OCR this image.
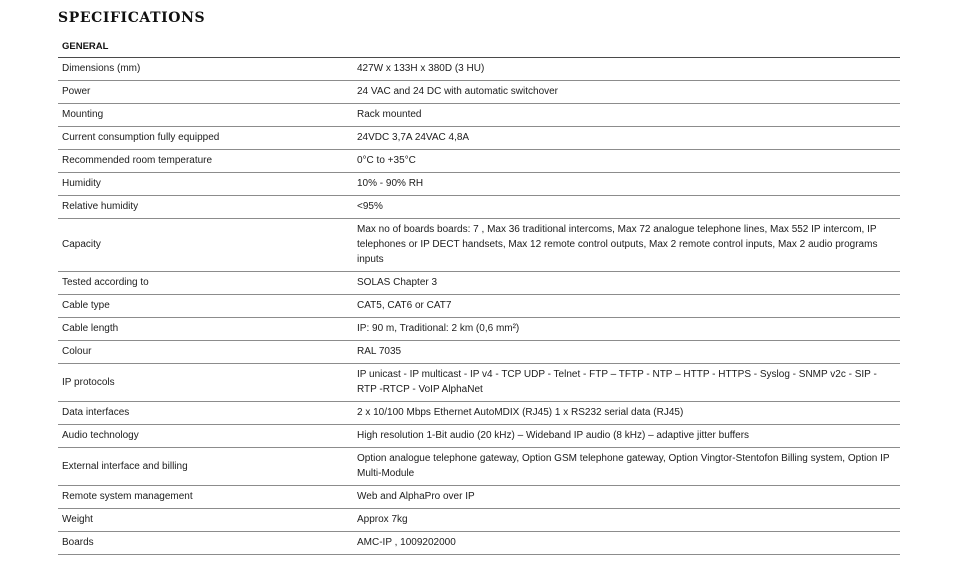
SPECIFICATIONS
GENERAL	
Dimensions (mm)	427W x 133H x 380D (3 HU)
Power	24 VAC and 24 DC with automatic switchover
Mounting	Rack mounted
Current consumption fully equipped	24VDC 3,7A 24VAC 4,8A
Recommended room temperature	0°C to +35°C
Humidity	10% - 90% RH
Relative humidity	<95%
Capacity	Max no of boards boards: 7 , Max 36 traditional intercoms, Max 72 analogue telephone lines, Max 552 IP intercom, IP telephones or IP DECT handsets, Max 12 remote control outputs, Max 2 remote control inputs, Max 2 audio programs inputs
Tested according to	SOLAS Chapter 3
Cable type	CAT5, CAT6 or CAT7
Cable length	IP: 90 m, Traditional: 2 km (0,6 mm²)
Colour	RAL 7035
IP protocols	IP unicast - IP multicast - IP v4 - TCP UDP - Telnet - FTP – TFTP - NTP – HTTP - HTTPS - Syslog - SNMP v2c - SIP - RTP -RTCP - VoIP AlphaNet
Data interfaces	2 x 10/100 Mbps Ethernet AutoMDIX (RJ45) 1 x RS232 serial data (RJ45)
Audio technology	High resolution 1-Bit audio (20 kHz) – Wideband IP audio (8 kHz) – adaptive jitter buffers
External interface and billing	Option analogue telephone gateway, Option GSM telephone gateway, Option Vingtor-Stentofon Billing system, Option IP Multi-Module
Remote system management	Web and AlphaPro over IP
Weight	Approx 7kg
Boards	AMC-IP , 1009202000
